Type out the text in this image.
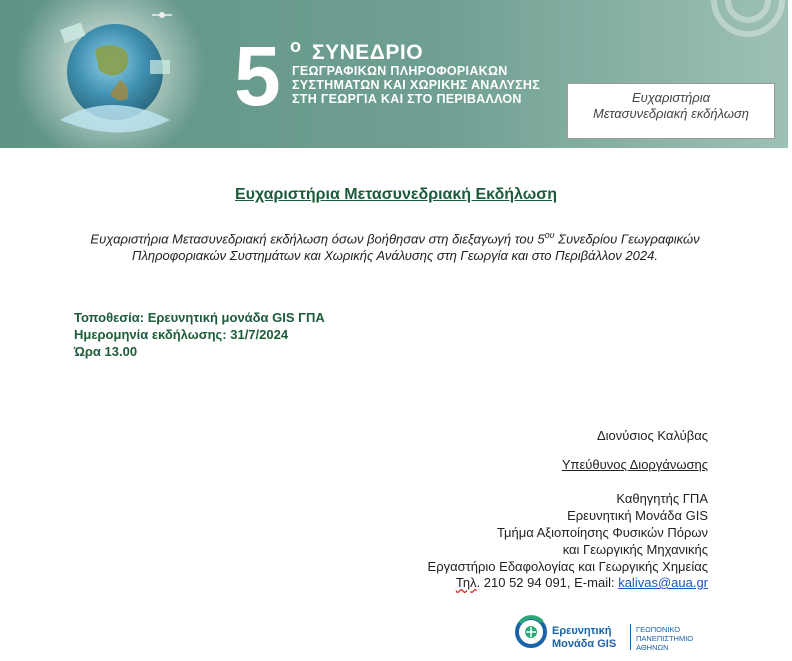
5 ο ΣΥΝΕΔΡΙΟ
ΓΕΩΓΡΑΦΙΚΩΝ ΠΛΗΡΟΦΟΡΙΑΚΩΝ
ΣΥΣΤΗΜΑΤΩΝ ΚΑΙ ΧΩΡΙΚΗΣ ΑΝΑΛΥΣΗΣ
ΣΤΗ ΓΕΩΡΓΙΑ ΚΑΙ ΣΤΟ ΠΕΡΙΒΑΛΛΟΝ	Ευχαριστήρια
Μετασυνεδριακή εκδήλωση
Ευχαριστήρια Μετασυνεδριακή Εκδήλωση
Ευχαριστήρια Μετασυνεδριακή εκδήλωση όσων βοήθησαν στη διεξαγωγή του $5^{o\upsilon}$ Συνεδρίου Γεωγραφικών Πληροφοριακών Συστημάτων και Χωρικής Ανάλυσης στη Γεωργία και στο Περιβάλλον 2024.
Τοποθεσία: Ερευνητική μονάδα GIS ΓΠΑ
Ημερομηνία εκδήλωσης: 31/7/2024
Ώρα 13.00
Διονύσιος Καλύβας
Υπεύθυνος Διοργάνωσης
Καθηγητής ΓΠΑ
Ερευνητική Μονάδα GIS
Τμήμα Αξιοποίησης Φυσικών Πόρων
και Γεωργικής Μηχανικής
Εργαστήριο Εδαφολογίας και Γεωργικής Χημείας
Τηλ. 210 52 94 091, E-mail: kalivas@aua.gr
Ερευνητική
Μονάδα GIS
ΓΕΩΠΟΝΙΚΟ
ΠΑΝΕΠΙΣΤΗΜΙΟ
ΑΘΗΝΩΝ
